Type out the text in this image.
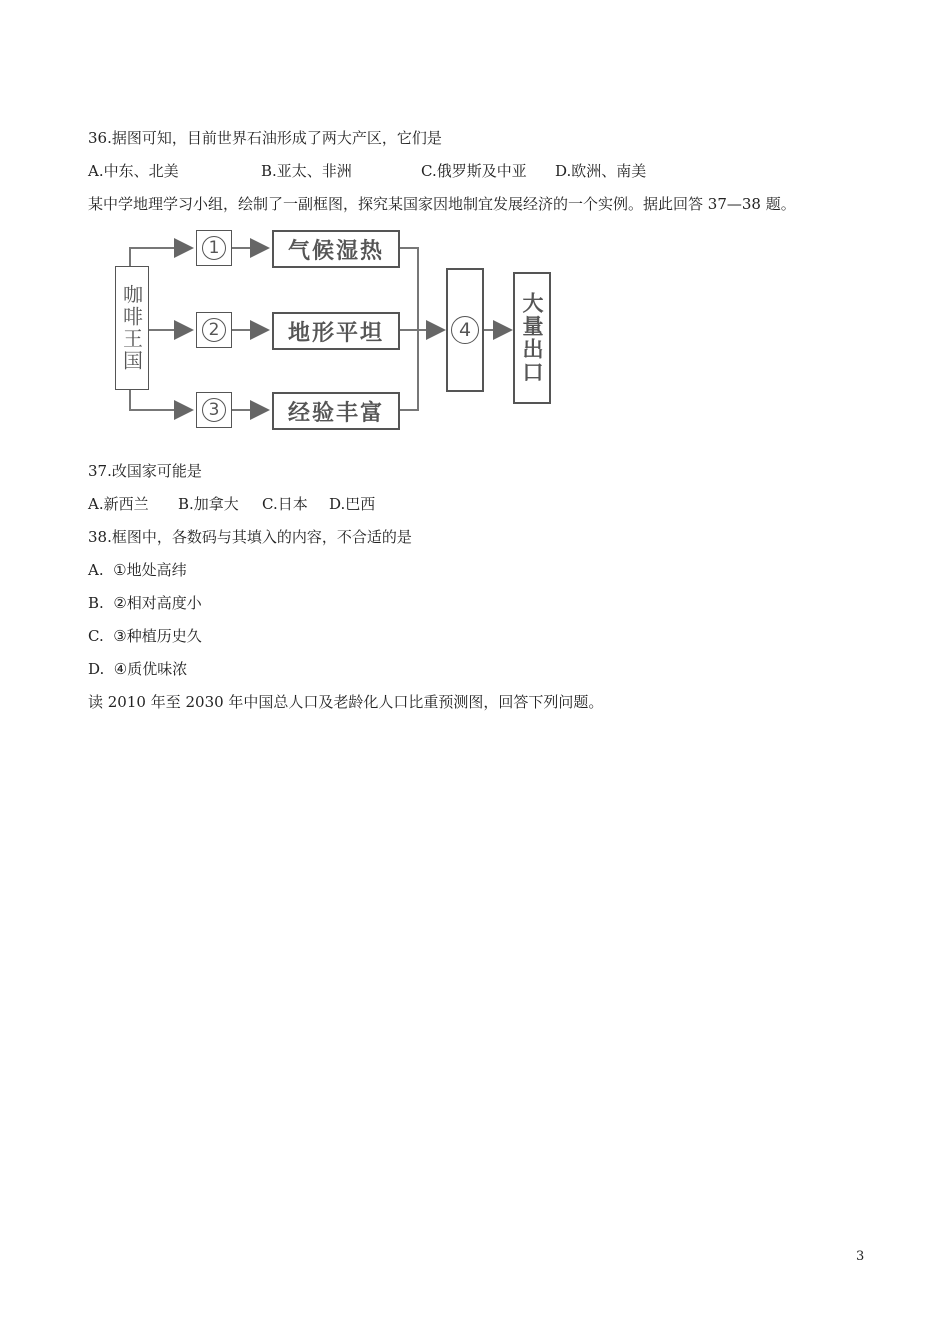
36.据图可知，目前世界石油形成了两大产区，它们是
A.中东、北美	B.亚太、非洲	C.俄罗斯及中亚 D.欧洲、南美
某中学地理学习小组，绘制了一副框图，探究某国家因地制宜发展经济的一个实例。据此回答 37—38 题。
咖啡王国
1
2
3
气候湿热
地形平坦
经验丰富
4	大量出口
37.改国家可能是
A.新西兰 B.加拿大 C.日本 D.巴西
38.框图中，各数码与其填入的内容，不合适的是
A.  ①地处高纬
B.  ②相对高度小
C.  ③种植历史久
D.  ④质优味浓
读 2010 年至 2030 年中国总人口及老龄化人口比重预测图，回答下列问题。
3
